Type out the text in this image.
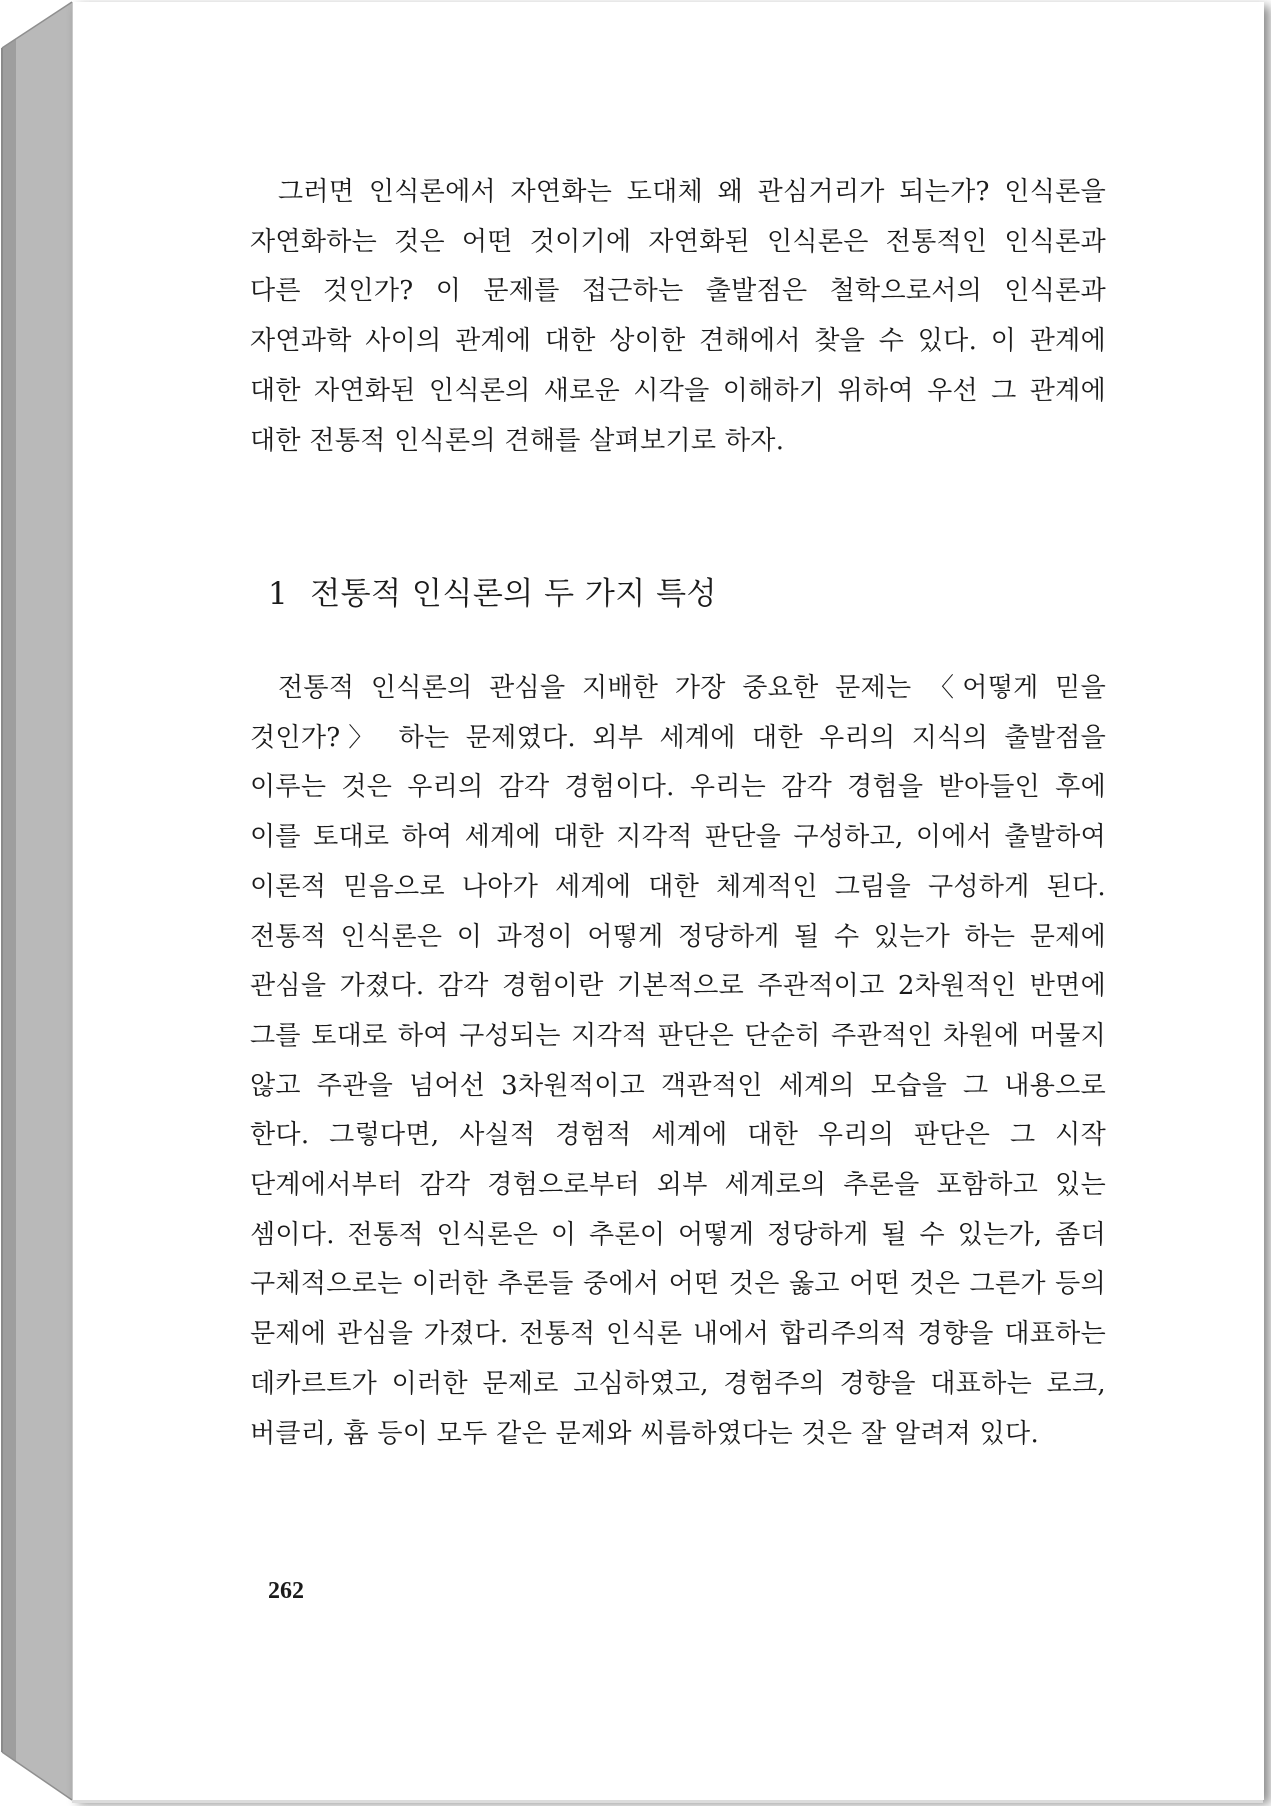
그러면 인식론에서 자연화는 도대체 왜 관심거리가 되는가? 인식론을 자연화하는 것은 어떤 것이기에 자연화된 인식론은 전통적인 인식론과 다른 것인가? 이 문제를 접근하는 출발점은 철학으로서의 인식론과 자연과학 사이의 관계에 대한 상이한 견해에서 찾을 수 있다. 이 관계에 대한 자연화된 인식론의 새로운 시각을 이해하기 위하여 우선 그 관계에 대한 전통적 인식론의 견해를 살펴보기로 하자.

1 전통적 인식론의 두 가지 특성

전통적 인식론의 관심을 지배한 가장 중요한 문제는 〈어떻게 믿을 것인가?〉 하는 문제였다. 외부 세계에 대한 우리의 지식의 출발점을 이루는 것은 우리의 감각 경험이다. 우리는 감각 경험을 받아들인 후에 이를 토대로 하여 세계에 대한 지각적 판단을 구성하고, 이에서 출발하여 이론적 믿음으로 나아가 세계에 대한 체계적인 그림을 구성하게 된다. 전통적 인식론은 이 과정이 어떻게 정당하게 될 수 있는가 하는 문제에 관심을 가졌다. 감각 경험이란 기본적으로 주관적이고 2차원적인 반면에 그를 토대로 하여 구성되는 지각적 판단은 단순히 주관적인 차원에 머물지 않고 주관을 넘어선 3차원적이고 객관적인 세계의 모습을 그 내용으로 한다. 그렇다면, 사실적 경험적 세계에 대한 우리의 판단은 그 시작 단계에서부터 감각 경험으로부터 외부 세계로의 추론을 포함하고 있는 셈이다. 전통적 인식론은 이 추론이 어떻게 정당하게 될 수 있는가, 좀더 구체적으로는 이러한 추론들 중에서 어떤 것은 옳고 어떤 것은 그른가 등의 문제에 관심을 가졌다. 전통적 인식론 내에서 합리주의적 경향을 대표하는 데카르트가 이러한 문제로 고심하였고, 경험주의 경향을 대표하는 로크, 버클리, 흄 등이 모두 같은 문제와 씨름하였다는 것은 잘 알려져 있다.

262
